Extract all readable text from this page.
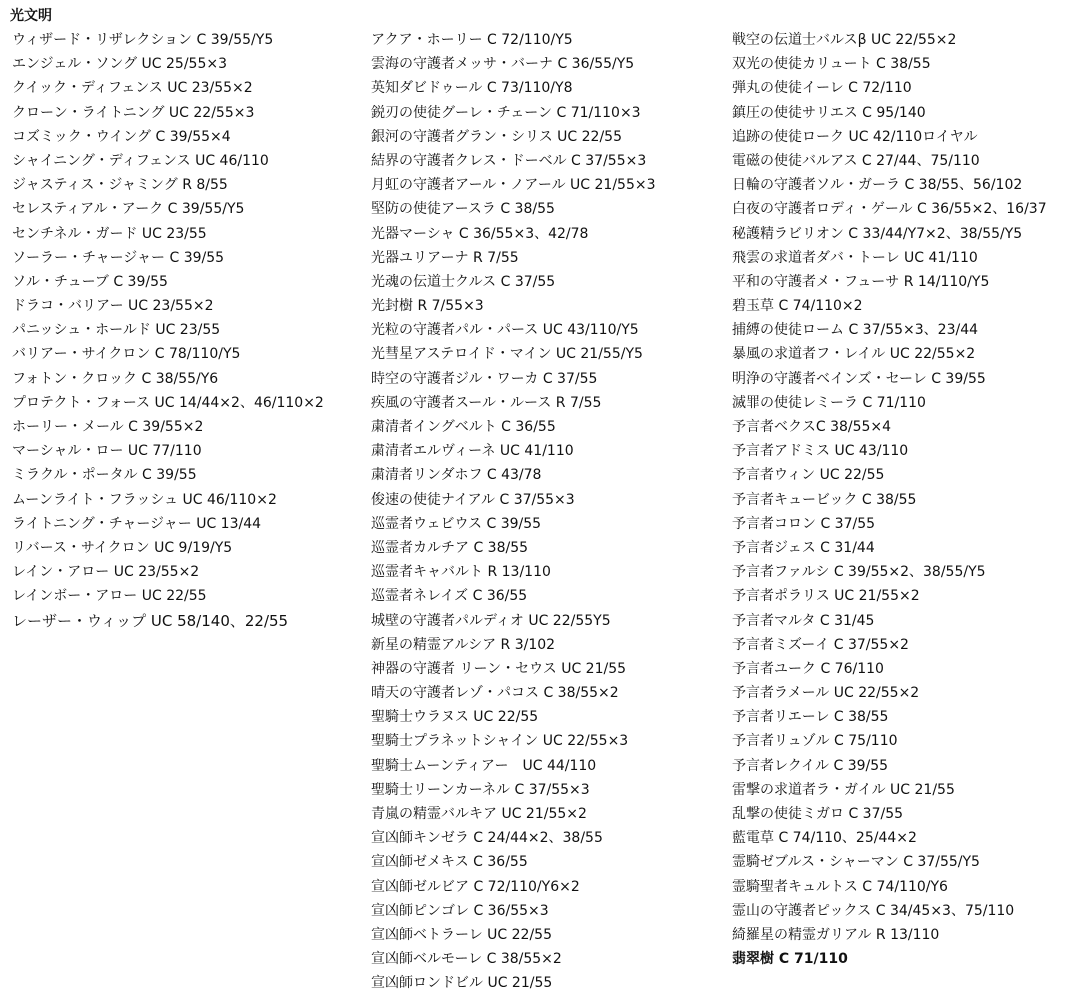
光文明
ウィザード・リザレクション C 39/55/Y5
エンジェル・ソング UC 25/55×3
クイック・ディフェンス UC 23/55×2
クローン・ライトニング UC 22/55×3
コズミック・ウイング C 39/55×4
シャイニング・ディフェンス UC 46/110
ジャスティス・ジャミング R 8/55
セレスティアル・アーク C 39/55/Y5
センチネル・ガード UC 23/55
ソーラー・チャージャー C 39/55
ソル・チューブ C 39/55
ドラコ・バリアー UC 23/55×2
パニッシュ・ホールド UC 23/55
バリアー・サイクロン C 78/110/Y5
フォトン・クロック C 38/55/Y6
プロテクト・フォース UC 14/44×2、46/110×2
ホーリー・メール C 39/55×2
マーシャル・ロー UC 77/110
ミラクル・ポータル C 39/55
ムーンライト・フラッシュ UC 46/110×2
ライトニング・チャージャー UC 13/44
リバース・サイクロン UC 9/19/Y5
レイン・アロー UC 23/55×2
レインボー・アロー UC 22/55
レーザー・ウィップ UC 58/140、22/55
アクア・ホーリー C 72/110/Y5
雲海の守護者メッサ・バーナ C 36/55/Y5
英知ダビドゥール C 73/110/Y8
鋭刃の使徒グーレ・チェーン C 71/110×3
銀河の守護者グラン・シリス UC 22/55
結界の守護者クレス・ドーベル C 37/55×3
月虹の守護者アール・ノアール UC 21/55×3
堅防の使徒アースラ C 38/55
光器マーシャ C 36/55×3、42/78
光器ユリアーナ R 7/55
光魂の伝道士クルス C 37/55
光封樹 R 7/55×3
光粒の守護者パル・パース UC 43/110/Y5
光彗星アステロイド・マイン UC 21/55/Y5
時空の守護者ジル・ワーカ C 37/55
疾風の守護者スール・ルース R 7/55
粛清者イングベルト C 36/55
粛清者エルヴィーネ UC 41/110
粛清者リンダホフ C 43/78
俊速の使徒ナイアル C 37/55×3
巡霊者ウェビウス C 39/55
巡霊者カルチア C 38/55
巡霊者キャバルト R 13/110
巡霊者ネレイズ C 36/55
城壁の守護者パルディオ UC 22/55Y5
新星の精霊アルシア R 3/102
神器の守護者 リーン・セウス UC 21/55
晴天の守護者レゾ・パコス C 38/55×2
聖騎士ウラヌス UC 22/55
聖騎士プラネットシャイン UC 22/55×3
聖騎士ムーンティアー　UC 44/110
聖騎士リーンカーネル C 37/55×3
青嵐の精霊バルキア UC 21/55×2
宣凶師キンゼラ C 24/44×2、38/55
宣凶師ゼメキス C 36/55
宣凶師ゼルビア C 72/110/Y6×2
宣凶師ピンゴレ C 36/55×3
宣凶師ベトラーレ UC 22/55
宣凶師ベルモーレ C 38/55×2
宣凶師ロンドビル UC 21/55
戦空の伝道士バルスβ UC 22/55×2
双光の使徒カリュート C 38/55
弾丸の使徒イーレ C 72/110
鎮圧の使徒サリエス C 95/140
追跡の使徒ローク UC 42/110ロイヤル
電磁の使徒バルアス C 27/44、75/110
日輪の守護者ソル・ガーラ C 38/55、56/102
白夜の守護者ロディ・ゲール C 36/55×2、16/37
秘護精ラビリオン C 33/44/Y7×2、38/55/Y5
飛雲の求道者ダバ・トーレ UC 41/110
平和の守護者メ・フューサ R 14/110/Y5
碧玉草 C 74/110×2
捕縛の使徒ローム C 37/55×3、23/44
暴風の求道者フ・レイル UC 22/55×2
明浄の守護者ベインズ・セーレ C 39/55
滅罪の使徒レミーラ C 71/110
予言者ベクスC 38/55×4
予言者アドミス UC 43/110
予言者ウィン UC 22/55
予言者キュービック C 38/55
予言者コロン C 37/55
予言者ジェス C 31/44
予言者ファルシ C 39/55×2、38/55/Y5
予言者ポラリス UC 21/55×2
予言者マルタ C 31/45
予言者ミズーイ C 37/55×2
予言者ユーク C 76/110
予言者ラメール UC 22/55×2
予言者リエーレ C 38/55
予言者リュゾル C 75/110
予言者レクイル C 39/55
雷撃の求道者ラ・ガイル UC 21/55
乱撃の使徒ミガロ C 37/55
藍電草 C 74/110、25/44×2
霊騎ゼブルス・シャーマン C 37/55/Y5
霊騎聖者キュルトス C 74/110/Y6
霊山の守護者ピックス C 34/45×3、75/110
綺羅星の精霊ガリアル R 13/110
翡翠樹 C 71/110
